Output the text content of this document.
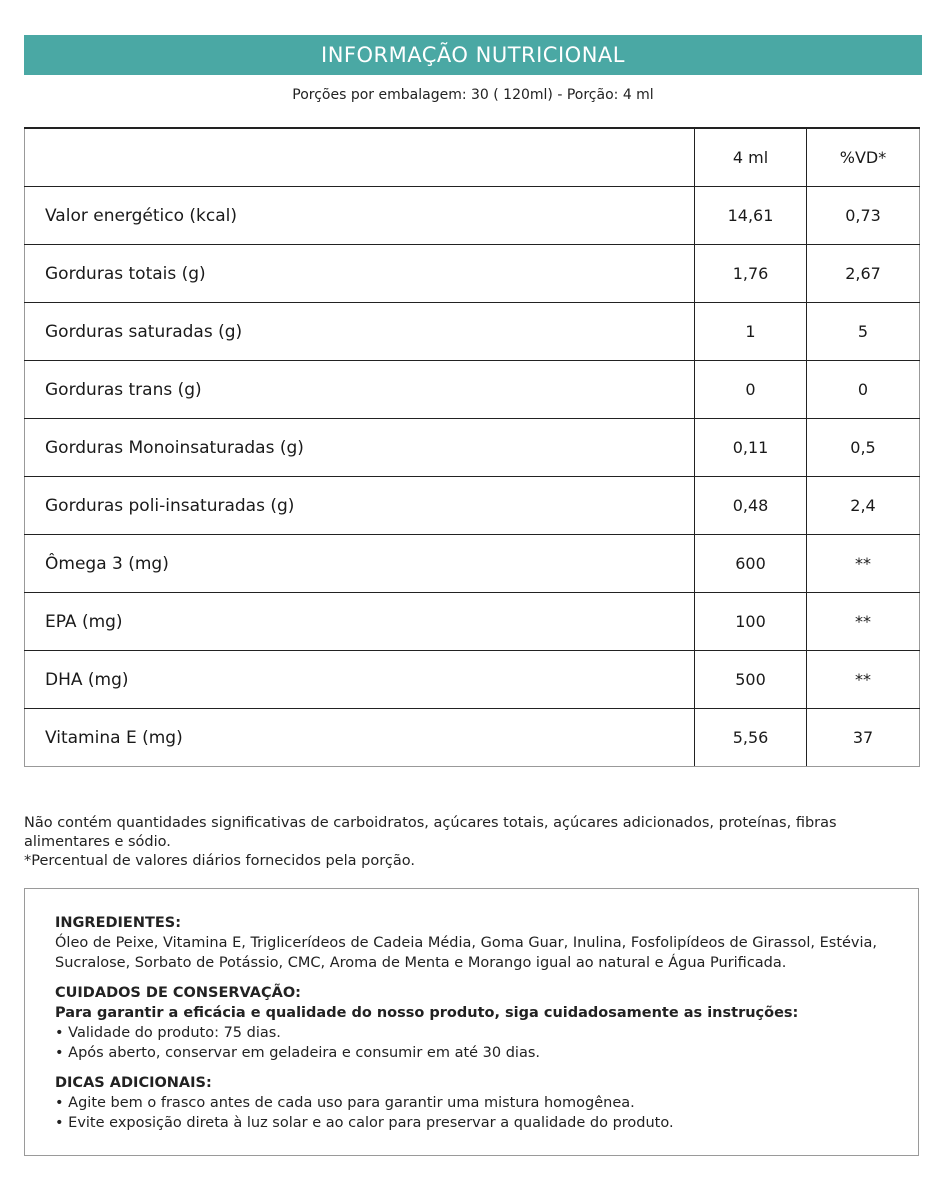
INFORMAÇÃO NUTRICIONAL
Porções por embalagem: 30 ( 120ml) - Porção: 4 ml
	4 ml	%VD*
Valor energético (kcal)	14,61	0,73
Gorduras totais (g)	1,76	2,67
Gorduras saturadas (g)	1	5
Gorduras trans (g)	0	0
Gorduras Monoinsaturadas (g)	0,11	0,5
Gorduras poli-insaturadas (g)	0,48	2,4
Ômega 3 (mg)	600	**
EPA (mg)	100	**
DHA (mg)	500	**
Vitamina E (mg)	5,56	37

Não contém quantidades significativas de carboidratos, açúcares totais, açúcares adicionados, proteínas, fibras alimentares e sódio.

*Percentual de valores diários fornecidos pela porção.

INGREDIENTES:
Óleo de Peixe, Vitamina E, Triglicerídeos de Cadeia Média, Goma Guar, Inulina, Fosfolipídeos de Girassol, Estévia, Sucralose, Sorbato de Potássio, CMC, Aroma de Menta e Morango igual ao natural e Água Purificada.
CUIDADOS DE CONSERVAÇÃO:
Para garantir a eficácia e qualidade do nosso produto, siga cuidadosamente as instruções:
• Validade do produto: 75 dias.
• Após aberto, conservar em geladeira e consumir em até 30 dias.
DICAS ADICIONAIS:
• Agite bem o frasco antes de cada uso para garantir uma mistura homogênea.
• Evite exposição direta à luz solar e ao calor para preservar a qualidade do produto.
